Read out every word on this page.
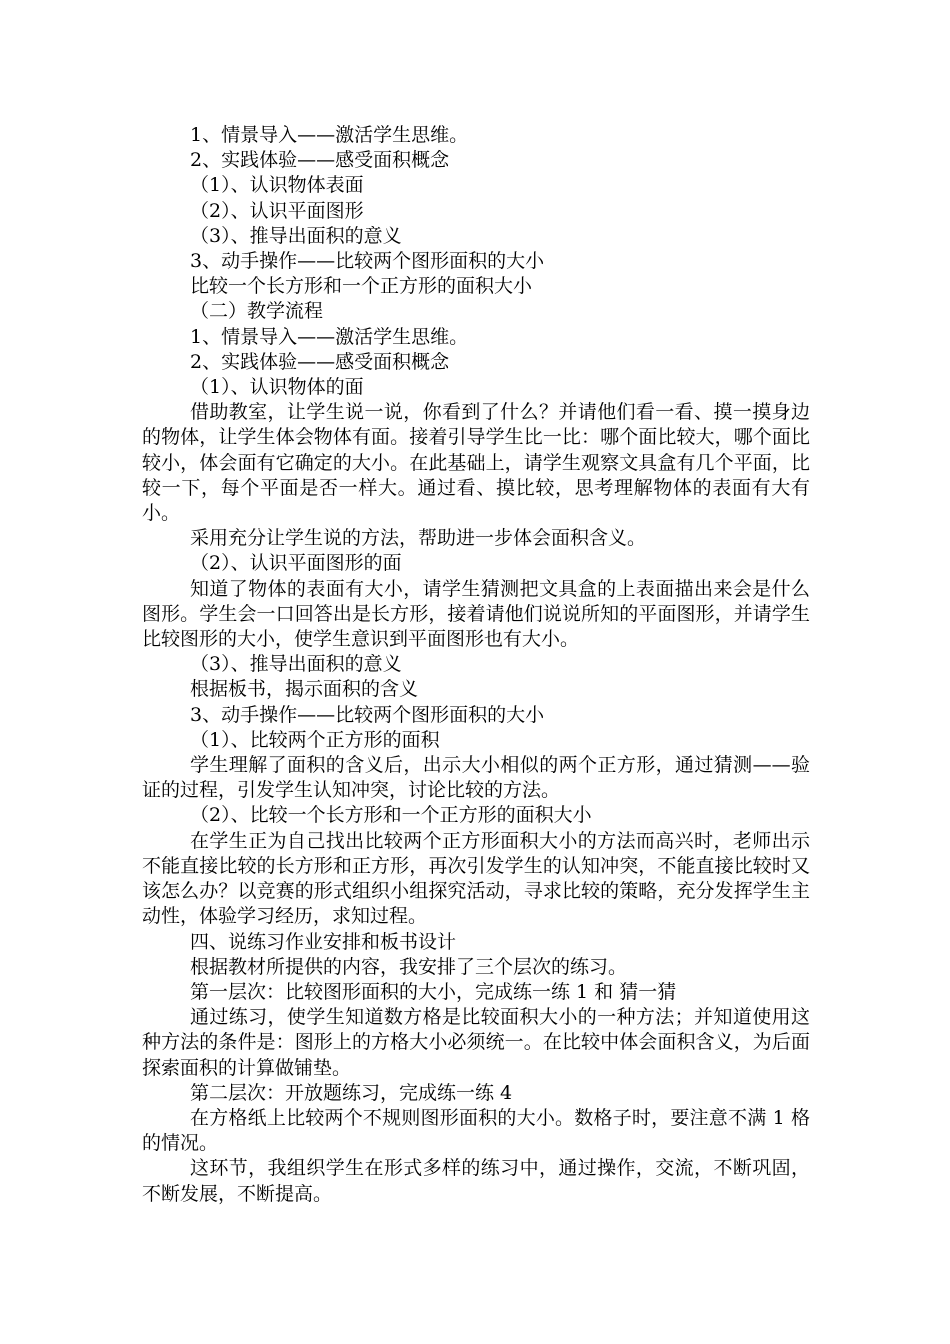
1、情景导入——激活学生思维。

2、实践体验——感受面积概念

（1）、认识物体表面

（2）、认识平面图形

（3）、推导出面积的意义

3、动手操作——比较两个图形面积的大小

比较一个长方形和一个正方形的面积大小

（二）教学流程

1、情景导入——激活学生思维。

2、实践体验——感受面积概念

（1）、认识物体的面

借助教室，让学生说一说，你看到了什么？并请他们看一看、摸一摸身边的物体，让学生体会物体有面。接着引导学生比一比：哪个面比较大，哪个面比较小，体会面有它确定的大小。在此基础上，请学生观察文具盒有几个平面，比较一下，每个平面是否一样大。通过看、摸比较，思考理解物体的表面有大有小。

采用充分让学生说的方法，帮助进一步体会面积含义。

（2）、认识平面图形的面

知道了物体的表面有大小，请学生猜测把文具盒的上表面描出来会是什么图形。学生会一口回答出是长方形，接着请他们说说所知的平面图形，并请学生比较图形的大小，使学生意识到平面图形也有大小。

（3）、推导出面积的意义

根据板书，揭示面积的含义

3、动手操作——比较两个图形面积的大小

（1）、比较两个正方形的面积

学生理解了面积的含义后，出示大小相似的两个正方形，通过猜测——验证的过程，引发学生认知冲突，讨论比较的方法。

（2）、比较一个长方形和一个正方形的面积大小

在学生正为自己找出比较两个正方形面积大小的方法而高兴时，老师出示不能直接比较的长方形和正方形，再次引发学生的认知冲突，不能直接比较时又该怎么办？以竞赛的形式组织小组探究活动，寻求比较的策略，充分发挥学生主动性，体验学习经历，求知过程。

四、说练习作业安排和板书设计

根据教材所提供的内容，我安排了三个层次的练习。

第一层次：比较图形面积的大小，完成练一练 1 和 猜一猜

通过练习，使学生知道数方格是比较面积大小的一种方法；并知道使用这种方法的条件是：图形上的方格大小必须统一。在比较中体会面积含义，为后面探索面积的计算做铺垫。

第二层次：开放题练习，完成练一练 4

在方格纸上比较两个不规则图形面积的大小。数格子时，要注意不满 1 格的情况。

这环节，我组织学生在形式多样的练习中，通过操作，交流，不断巩固，不断发展，不断提高。
